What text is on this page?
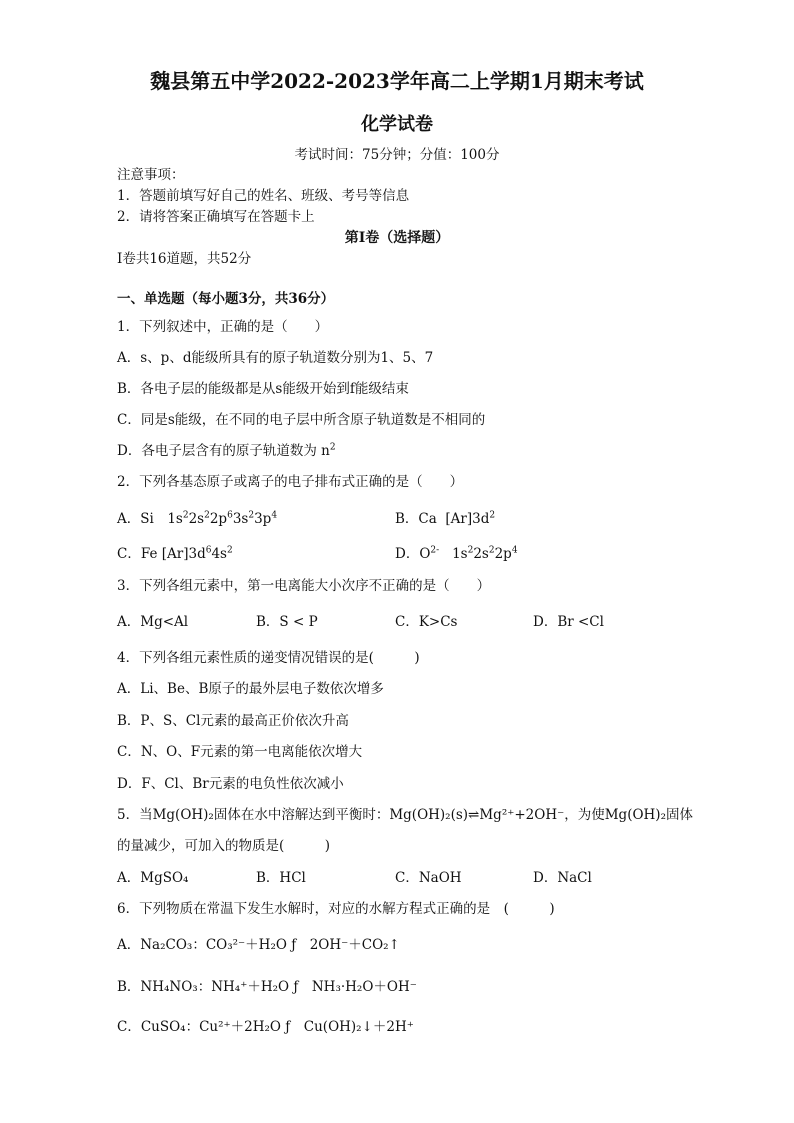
魏县第五中学2022-2023学年高二上学期1月期末考试
化学试卷
考试时间：75分钟；分值：100分
注意事项：
1．答题前填写好自己的姓名、班级、考号等信息
2．请将答案正确填写在答题卡上
第Ⅰ卷（选择题）
Ⅰ卷共16道题，共52分
一、单选题（每小题3分，共36分）
1．下列叙述中，正确的是（　　）
A．s、p、d能级所具有的原子轨道数分别为1、5、7
B．各电子层的能级都是从s能级开始到f能级结束
C．同是s能级，在不同的电子层中所含原子轨道数是不相同的
D．各电子层含有的原子轨道数为 $n^2$
2．下列各基态原子或离子的电子排布式正确的是（　　）
A．Si　$1s^22s^22p^63s^23p^4$	B．Ca $[Ar]3d^2$
C．Fe $[Ar]3d^64s^2$	D．$O^{2-}$ $1s^22s^22p^4$
3．下列各组元素中，第一电离能大小次序不正确的是（　　）
A．Mg<Al	B．S < P	C．K>Cs	D．Br <Cl
4．下列各组元素性质的递变情况错误的是(　　　)
A．Li、Be、B原子的最外层电子数依次增多
B．P、S、Cl元素的最高正价依次升高
C．N、O、F元素的第一电离能依次增大
D．F、Cl、Br元素的电负性依次减小
5．当Mg(OH)₂固体在水中溶解达到平衡时：Mg(OH)₂(s)⇌Mg²⁺+2OH⁻，为使Mg(OH)₂固体
的量减少，可加入的物质是(　　　)
A．MgSO₄	B．HCl	C．NaOH	D．NaCl
6．下列物质在常温下发生水解时，对应的水解方程式正确的是　(　　　)
A．Na₂CO₃：CO₃²⁻＋H₂O ƒ　2OH⁻＋CO₂↑
B．NH₄NO₃：NH₄⁺＋H₂O ƒ　NH₃·H₂O＋OH⁻
C．CuSO₄：Cu²⁺＋2H₂O ƒ　Cu(OH)₂↓＋2H⁺
